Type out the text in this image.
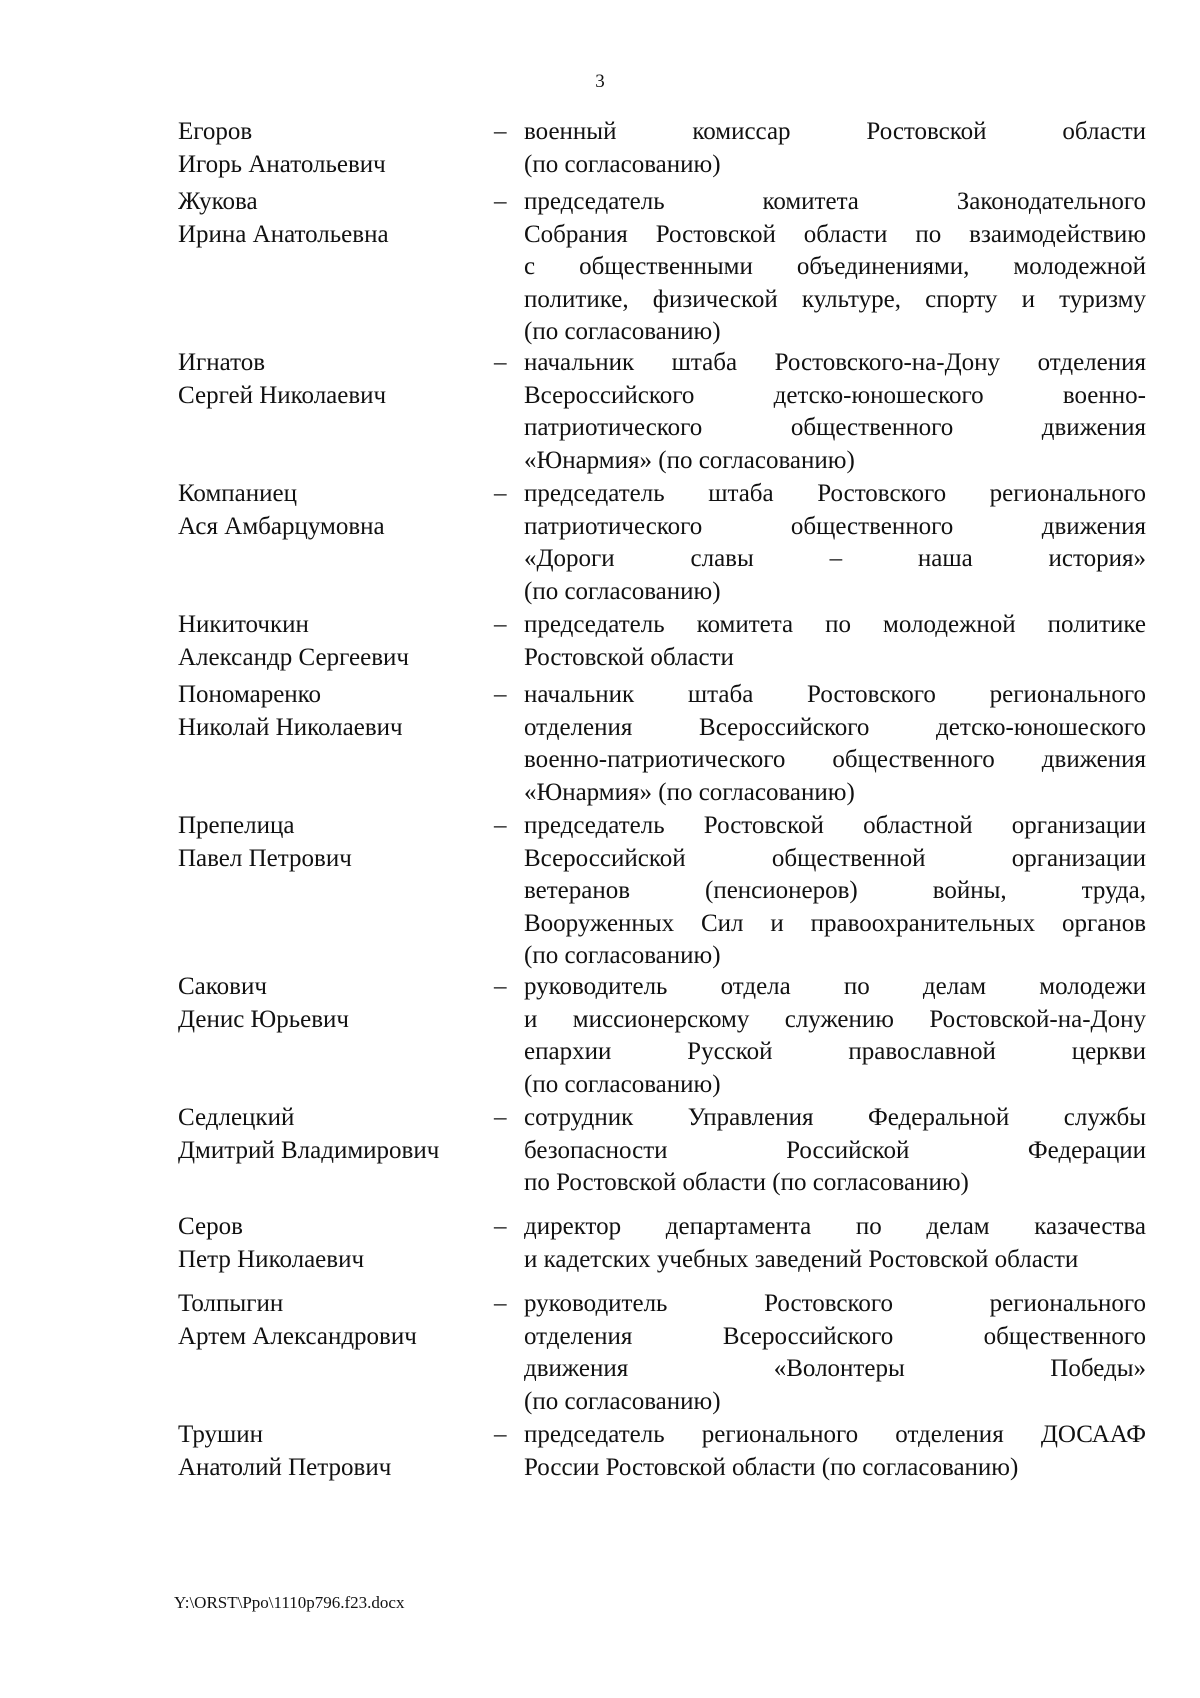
3
Егоров
Игорь Анатольевич
– военный комиссар Ростовской области
(по согласованию)
Жукова
Ирина Анатольевна
– председатель комитета Законодательного
Собрания Ростовской области по взаимодействию
с общественными объединениями, молодежной
политике, физической культуре, спорту и туризму
(по согласованию)
Игнатов
Сергей Николаевич
– начальник штаба Ростовского-на-Дону отделения
Всероссийского детско-юношеского военно-
патриотического общественного движения
«Юнармия» (по согласованию)
Компаниец
Ася Амбарцумовна
– председатель штаба Ростовского регионального
патриотического общественного движения
«Дороги славы – наша история»
(по согласованию)
Никиточкин
Александр Сергеевич
– председатель комитета по молодежной политике
Ростовской области
Пономаренко
Николай Николаевич
– начальник штаба Ростовского регионального
отделения Всероссийского детско-юношеского
военно-патриотического общественного движения
«Юнармия» (по согласованию)
Препелица
Павел Петрович
– председатель Ростовской областной организации
Всероссийской общественной организации
ветеранов (пенсионеров) войны, труда,
Вооруженных Сил и правоохранительных органов
(по согласованию)
Сакович
Денис Юрьевич
– руководитель отдела по делам молодежи
и миссионерскому служению Ростовской-на-Дону
епархии Русской православной церкви
(по согласованию)
Седлецкий
Дмитрий Владимирович
– сотрудник Управления Федеральной службы
безопасности Российской Федерации
по Ростовской области (по согласованию)
Серов
Петр Николаевич
– директор департамента по делам казачества
и кадетских учебных заведений Ростовской области
Толпыгин
Артем Александрович
– руководитель Ростовского регионального
отделения Всероссийского общественного
движения «Волонтеры Победы»
(по согласованию)
Трушин
Анатолий Петрович
– председатель регионального отделения ДОСААФ
России Ростовской области (по согласованию)
Y:\ORST\Ppo\1110p796.f23.docx
